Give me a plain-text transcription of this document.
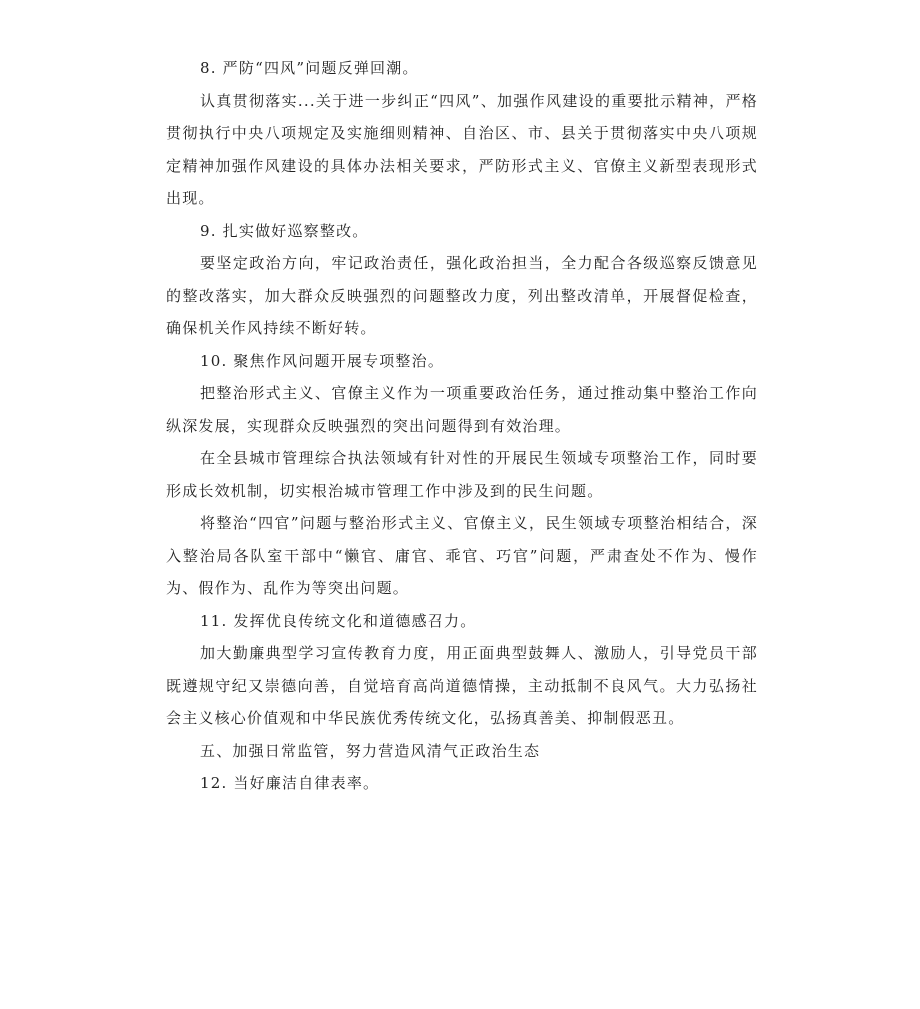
8. 严防“四风”问题反弹回潮。

认真贯彻落实...关于进一步纠正“四风”、加强作风建设的重要批示精神，严格贯彻执行中央八项规定及实施细则精神、自治区、市、县关于贯彻落实中央八项规定精神加强作风建设的具体办法相关要求，严防形式主义、官僚主义新型表现形式出现。

9. 扎实做好巡察整改。

要坚定政治方向，牢记政治责任，强化政治担当，全力配合各级巡察反馈意见的整改落实，加大群众反映强烈的问题整改力度，列出整改清单，开展督促检查，确保机关作风持续不断好转。

10. 聚焦作风问题开展专项整治。

把整治形式主义、官僚主义作为一项重要政治任务，通过推动集中整治工作向纵深发展，实现群众反映强烈的突出问题得到有效治理。

在全县城市管理综合执法领域有针对性的开展民生领域专项整治工作，同时要形成长效机制，切实根治城市管理工作中涉及到的民生问题。

将整治“四官”问题与整治形式主义、官僚主义，民生领域专项整治相结合，深入整治局各队室干部中“懒官、庸官、乖官、巧官”问题，严肃查处不作为、慢作为、假作为、乱作为等突出问题。

11. 发挥优良传统文化和道德感召力。

加大勤廉典型学习宣传教育力度，用正面典型鼓舞人、激励人，引导党员干部既遵规守纪又崇德向善，自觉培育高尚道德情操，主动抵制不良风气。大力弘扬社会主义核心价值观和中华民族优秀传统文化，弘扬真善美、抑制假恶丑。

五、加强日常监管，努力营造风清气正政治生态

12. 当好廉洁自律表率。
